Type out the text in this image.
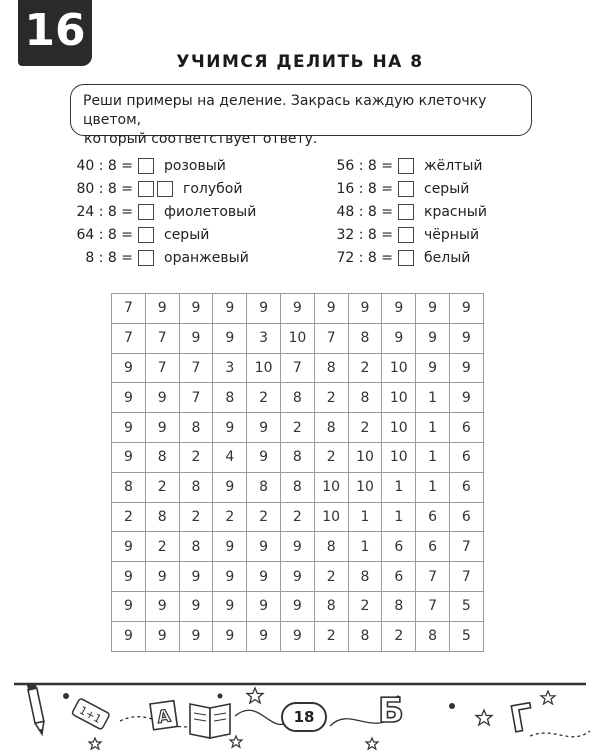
16
УЧИМСЯ ДЕЛИТЬ НА 8

Реши примеры на деление. Закрась каждую клеточку цветом,

который соответствует ответу.

40 : 8 = розовый
80 : 8 =	голубой
24 : 8 = фиолетовый
64 : 8 = серый
8 : 8 = оранжевый
56 : 8 = жёлтый
16 : 8 = серый
48 : 8 = красный
32 : 8 = чёрный
72 : 8 = белый
7	9	9	9	9	9	9	9	9	9	9
7	7	9	9	3	10	7	8	9	9	9
9	7	7	3	10	7	8	2	10	9	9
9	9	7	8	2	8	2	8	10	1	9
9	9	8	9	9	2	8	2	10	1	6
9	8	2	4	9	8	2	10	10	1	6
8	2	8	9	8	8	10	10	1	1	6
2	8	2	2	2	2	10	1	1	6	6
9	2	8	9	9	9	8	1	6	6	7
9	9	9	9	9	9	2	8	6	7	7
9	9	9	9	9	9	8	2	8	7	5
9	9	9	9	9	9	2	8	2	8	5
1+1	А	Б	Г
18
